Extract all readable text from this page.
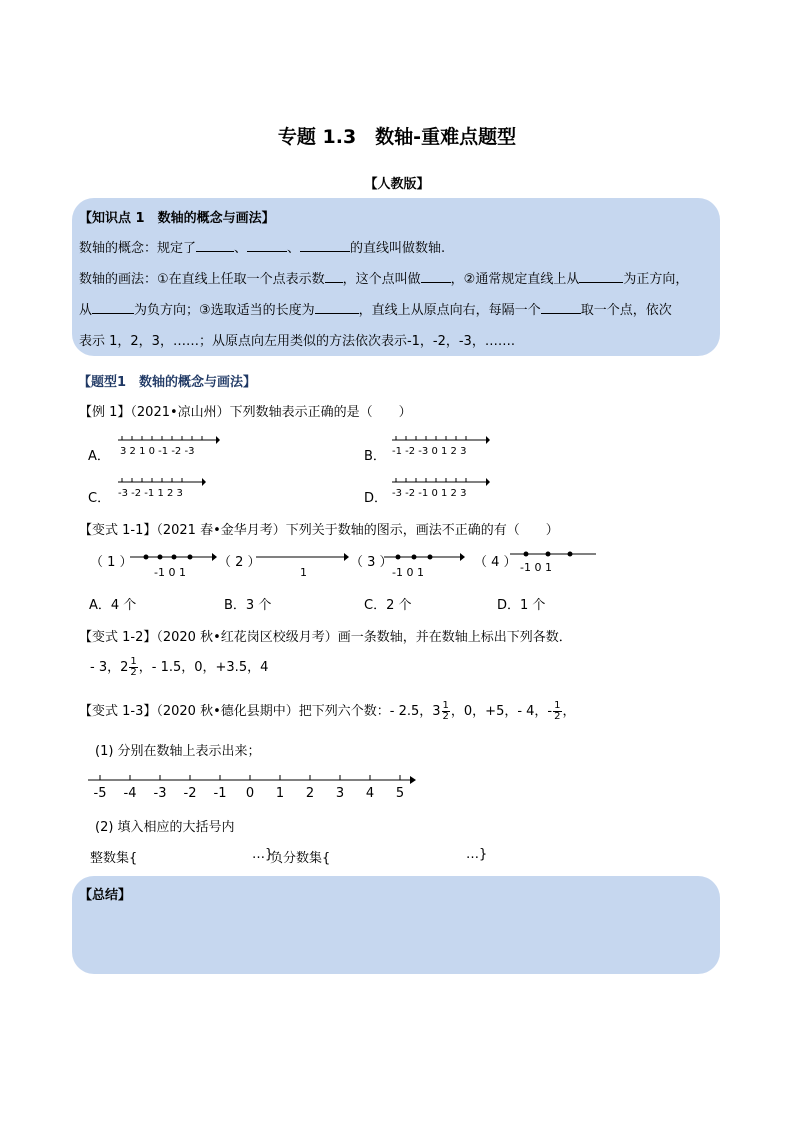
专题 1.3　数轴-重难点题型
【人教版】
【知识点 1　数轴的概念与画法】
数轴的概念：规定了	、	、	的直线叫做数轴.
数轴的画法：①在直线上任取一个点表示数 ，这个点叫做 ，②通常规定直线上从	为正方向，
从	为负方向；③选取适当的长度为	，直线上从原点向右，每隔一个	取一个点，依次
表示 1，2，3，……；从原点向左用类似的方法依次表示-1，-2，-3，…….
【题型1　数轴的概念与画法】
【例 1】（2021•凉山州）下列数轴表示正确的是（　　）
A． 3 2 1 0 -1 -2 -3	B． -1 -2 -3 0 1 2 3
C． -3 -2 -1 1 2 3	D． -3 -2 -1 0 1 2 3
【变式 1-1】（2021 春•金华月考）下列关于数轴的图示，画法不正确的有（　　）
（ 1 ）
-1 0 1
（ 2 ）
1
（ 3 ）
-1 0 1
（ 4 ） -1 0 1
A．4 个	B．3 个	C．2 个	D．1 个
【变式 1-2】（2020 秋•红花岗区校级月考）画一条数轴，并在数轴上标出下列各数．
- 3，$2 \frac{1}{2}$ ，- 1.5，0，+3.5，4
【变式 1-3】（2020 秋•德化县期中）把下列六个数：- 2.5，$3 \frac{1}{2}$ ，0，+5，- 4，- $\frac{1}{2}$ ，
(1) 分别在数轴上表示出来；
-5 -4 -3 -2 -1 0 1 2 3 4 5
(2) 填入相应的大括号内
整数集{	…}
负分数集{	…}
【总结】
